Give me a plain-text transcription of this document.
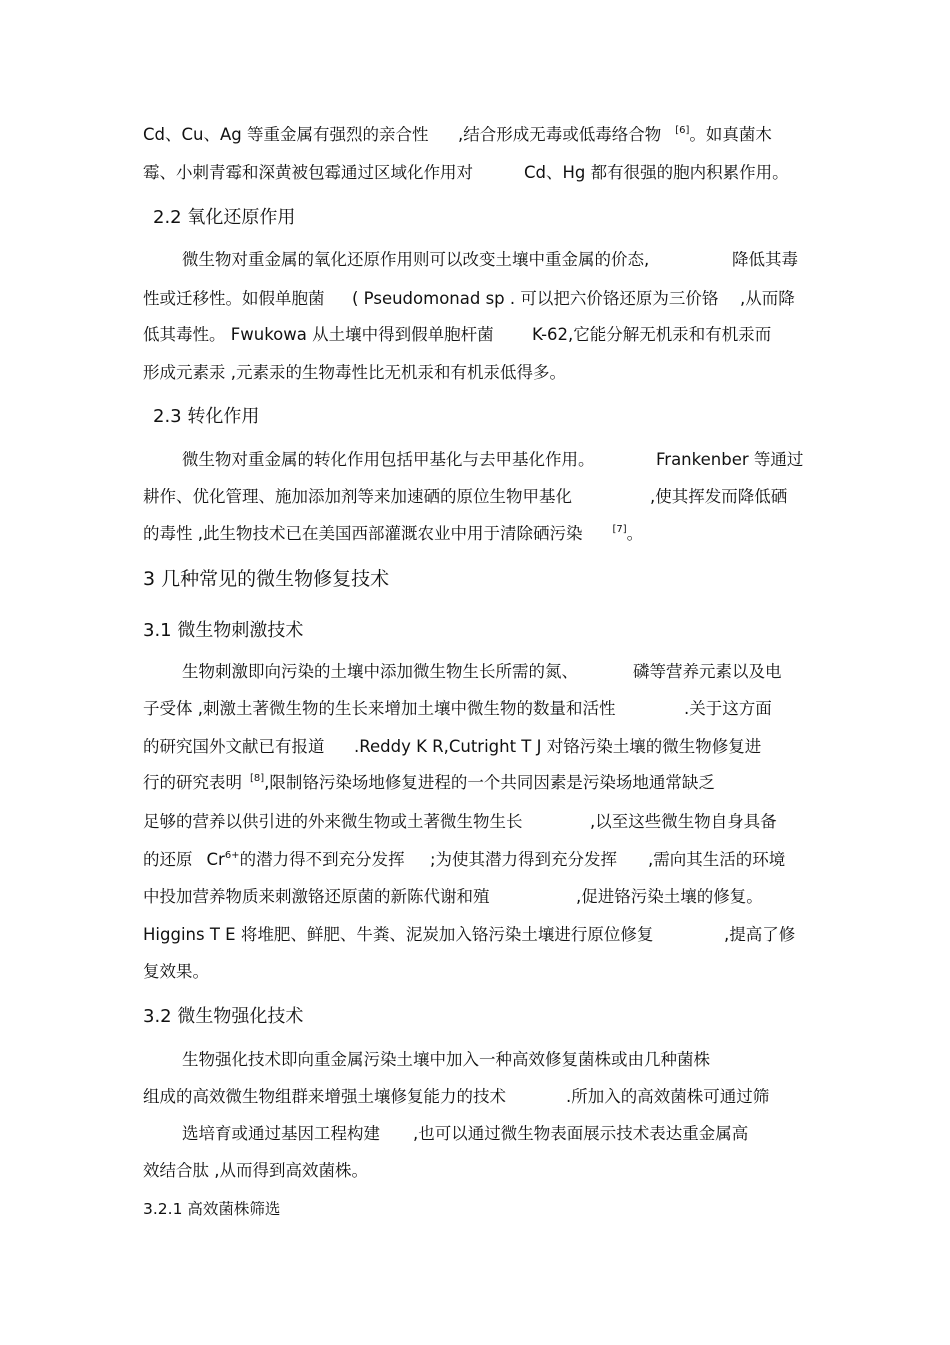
Cd、Cu、Ag 等重金属有强烈的亲合性 ,结合形成无毒或低毒络合物 [6]。如真菌木
霉、小刺青霉和深黄被包霉通过区域化作用对	Cd、Hg 都有很强的胞内积累作用。
2.2 氧化还原作用
微生物对重金属的氧化还原作用则可以改变土壤中重金属的价态,	降低其毒
性或迁移性。如假单胞菌 ( Pseudomonad sp . 可以把六价铬还原为三价铬 ,从而降
低其毒性。 Fwukowa 从土壤中得到假单胞杆菌 K-62,它能分解无机汞和有机汞而
形成元素汞 ,元素汞的生物毒性比无机汞和有机汞低得多。
2.3 转化作用
微生物对重金属的转化作用包括甲基化与去甲基化作用。	Frankenber 等通过
耕作、优化管理、施加添加剂等来加速硒的原位生物甲基化	,使其挥发而降低硒
的毒性 ,此生物技术已在美国西部灌溉农业中用于清除硒污染	[7]。
3 几种常见的微生物修复技术
3.1 微生物刺激技术
生物刺激即向污染的土壤中添加微生物生长所需的氮、	磷等营养元素以及电
子受体 ,刺激土著微生物的生长来增加土壤中微生物的数量和活性	.关于这方面
的研究国外文献已有报道 .Reddy K R,Cutright T J 对铬污染土壤的微生物修复进
行的研究表明 [8],限制铬污染场地修复进程的一个共同因素是污染场地通常缺乏
足够的营养以供引进的外来微生物或土著微生物生长	,以至这些微生物自身具备
的还原 $Cr^{6+}$的潜力得不到充分发挥 ;为使其潜力得到充分发挥 ,需向其生活的环境
中投加营养物质来刺激铬还原菌的新陈代谢和殖	,促进铬污染土壤的修复。
Higgins T E 将堆肥、鲜肥、牛粪、泥炭加入铬污染土壤进行原位修复	,提高了修
复效果。
3.2 微生物强化技术
生物强化技术即向重金属污染土壤中加入一种高效修复菌株或由几种菌株
组成的高效微生物组群来增强土壤修复能力的技术	.所加入的高效菌株可通过筛
选培育或通过基因工程构建 ,也可以通过微生物表面展示技术表达重金属高
效结合肽 ,从而得到高效菌株。
3.2.1 高效菌株筛选
